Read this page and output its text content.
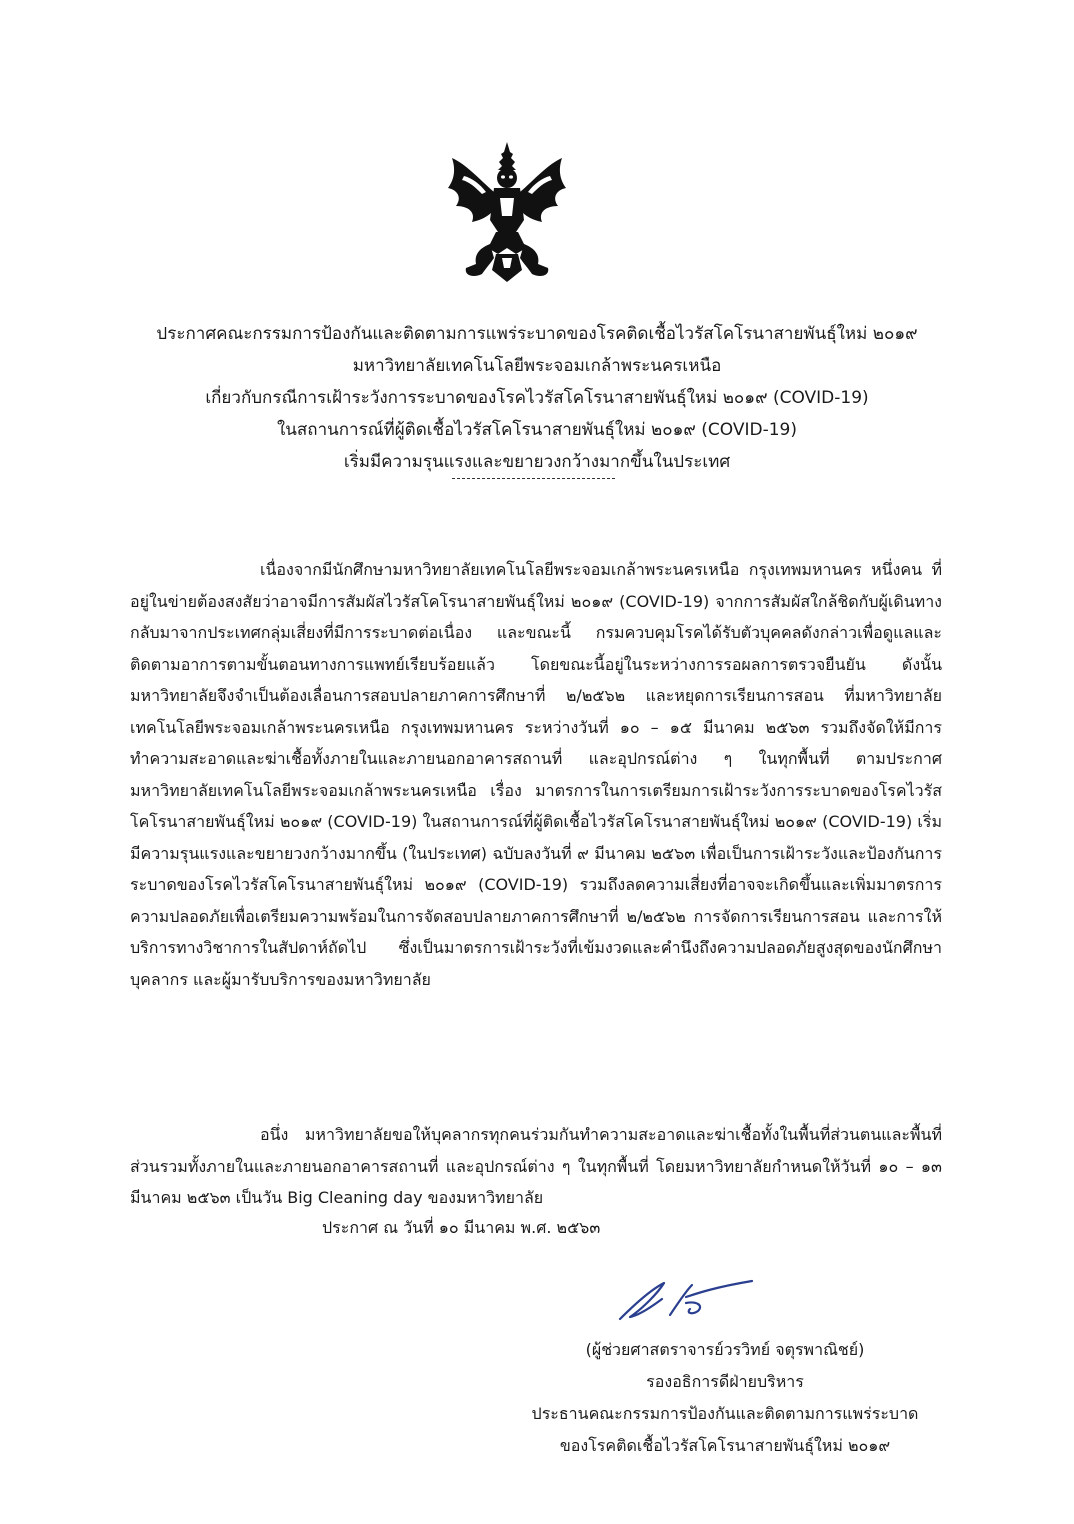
ประกาศคณะกรรมการป้องกันและติดตามการแพร่ระบาดของโรคติดเชื้อไวรัสโคโรนาสายพันธุ์ใหม่ ๒๐๑๙
มหาวิทยาลัยเทคโนโลยีพระจอมเกล้าพระนครเหนือ
เกี่ยวกับกรณีการเฝ้าระวังการระบาดของโรคไวรัสโคโรนาสายพันธุ์ใหม่ ๒๐๑๙ (COVID-19)
ในสถานการณ์ที่ผู้ติดเชื้อไวรัสโคโรนาสายพันธุ์ใหม่ ๒๐๑๙ (COVID-19)
เริ่มมีความรุนแรงและขยายวงกว้างมากขึ้นในประเทศ

เนื่องจากมีนักศึกษามหาวิทยาลัยเทคโนโลยีพระจอมเกล้าพระนครเหนือ กรุงเทพมหานคร หนึ่งคน ที่อยู่ในข่ายต้องสงสัยว่าอาจมีการสัมผัสไวรัสโคโรนาสายพันธุ์ใหม่ ๒๐๑๙ (COVID-19) จากการสัมผัสใกล้ชิดกับผู้เดินทางกลับมาจากประเทศกลุ่มเสี่ยงที่มีการระบาดต่อเนื่อง และขณะนี้ กรมควบคุมโรคได้รับตัวบุคคลดังกล่าวเพื่อดูแลและติดตามอาการตามขั้นตอนทางการแพทย์เรียบร้อยแล้ว โดยขณะนี้อยู่ในระหว่างการรอผลการตรวจยืนยัน ดังนั้นมหาวิทยาลัยจึงจำเป็นต้องเลื่อนการสอบปลายภาคการศึกษาที่ ๒/๒๕๖๒ และหยุดการเรียนการสอน ที่มหาวิทยาลัยเทคโนโลยีพระจอมเกล้าพระนครเหนือ กรุงเทพมหานคร ระหว่างวันที่ ๑๐ – ๑๕ มีนาคม ๒๕๖๓ รวมถึงจัดให้มีการทำความสะอาดและฆ่าเชื้อทั้งภายในและภายนอกอาคารสถานที่ และอุปกรณ์ต่าง ๆ ในทุกพื้นที่ ตามประกาศมหาวิทยาลัยเทคโนโลยีพระจอมเกล้าพระนครเหนือ เรื่อง มาตรการในการเตรียมการเฝ้าระวังการระบาดของโรคไวรัสโคโรนาสายพันธุ์ใหม่ ๒๐๑๙ (COVID-19) ในสถานการณ์ที่ผู้ติดเชื้อไวรัสโคโรนาสายพันธุ์ใหม่ ๒๐๑๙ (COVID-19) เริ่มมีความรุนแรงและขยายวงกว้างมากขึ้น (ในประเทศ) ฉบับลงวันที่ ๙ มีนาคม ๒๕๖๓ เพื่อเป็นการเฝ้าระวังและป้องกันการระบาดของโรคไวรัสโคโรนาสายพันธุ์ใหม่ ๒๐๑๙ (COVID-19) รวมถึงลดความเสี่ยงที่อาจจะเกิดขึ้นและเพิ่มมาตรการความปลอดภัยเพื่อเตรียมความพร้อมในการจัดสอบปลายภาคการศึกษาที่ ๒/๒๕๖๒ การจัดการเรียนการสอน และการให้บริการทางวิชาการในสัปดาห์ถัดไป ซึ่งเป็นมาตรการเฝ้าระวังที่เข้มงวดและคำนึงถึงความปลอดภัยสูงสุดของนักศึกษา บุคลากร และผู้มารับบริการของมหาวิทยาลัย

อนึ่ง มหาวิทยาลัยขอให้บุคลากรทุกคนร่วมกันทำความสะอาดและฆ่าเชื้อทั้งในพื้นที่ส่วนตนและพื้นที่ส่วนรวมทั้งภายในและภายนอกอาคารสถานที่ และอุปกรณ์ต่าง ๆ ในทุกพื้นที่ โดยมหาวิทยาลัยกำหนดให้วันที่ ๑๐ – ๑๓ มีนาคม ๒๕๖๓ เป็นวัน Big Cleaning day ของมหาวิทยาลัย

ประกาศ ณ วันที่ ๑๐ มีนาคม พ.ศ. ๒๕๖๓
(ผู้ช่วยศาสตราจารย์วรวิทย์ จตุรพาณิชย์)
รองอธิการดีฝ่ายบริหาร
ประธานคณะกรรมการป้องกันและติดตามการแพร่ระบาด
ของโรคติดเชื้อไวรัสโคโรนาสายพันธุ์ใหม่ ๒๐๑๙
